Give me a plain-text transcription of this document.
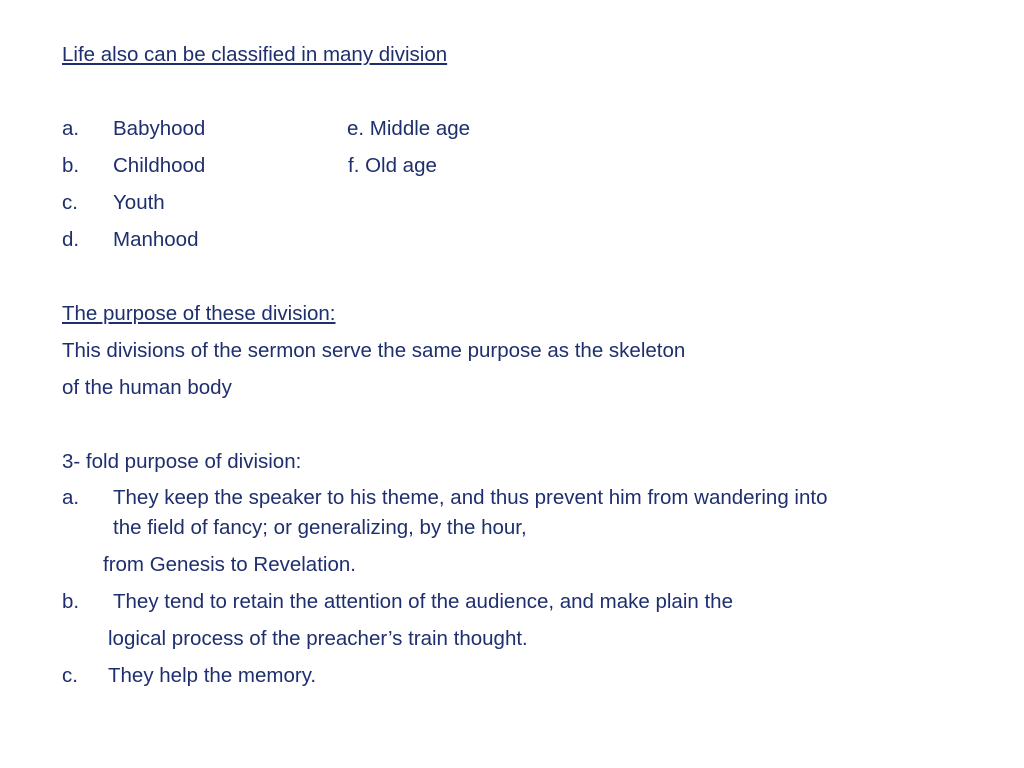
Life also can be classified in many division
a. Babyhood	e. Middle age
b. Childhood	f. Old age
c. Youth
d. Manhood
The purpose of these division:
This divisions of the sermon serve the same purpose as the skeleton
of the human body
3- fold purpose of division:
a. They keep the speaker to his theme, and thus prevent him from wandering into
the field of fancy; or generalizing, by the hour,
from Genesis to Revelation.
b. They tend to retain the attention of the audience, and make plain the
logical process of the preacher’s train thought.
c. They help the memory.
